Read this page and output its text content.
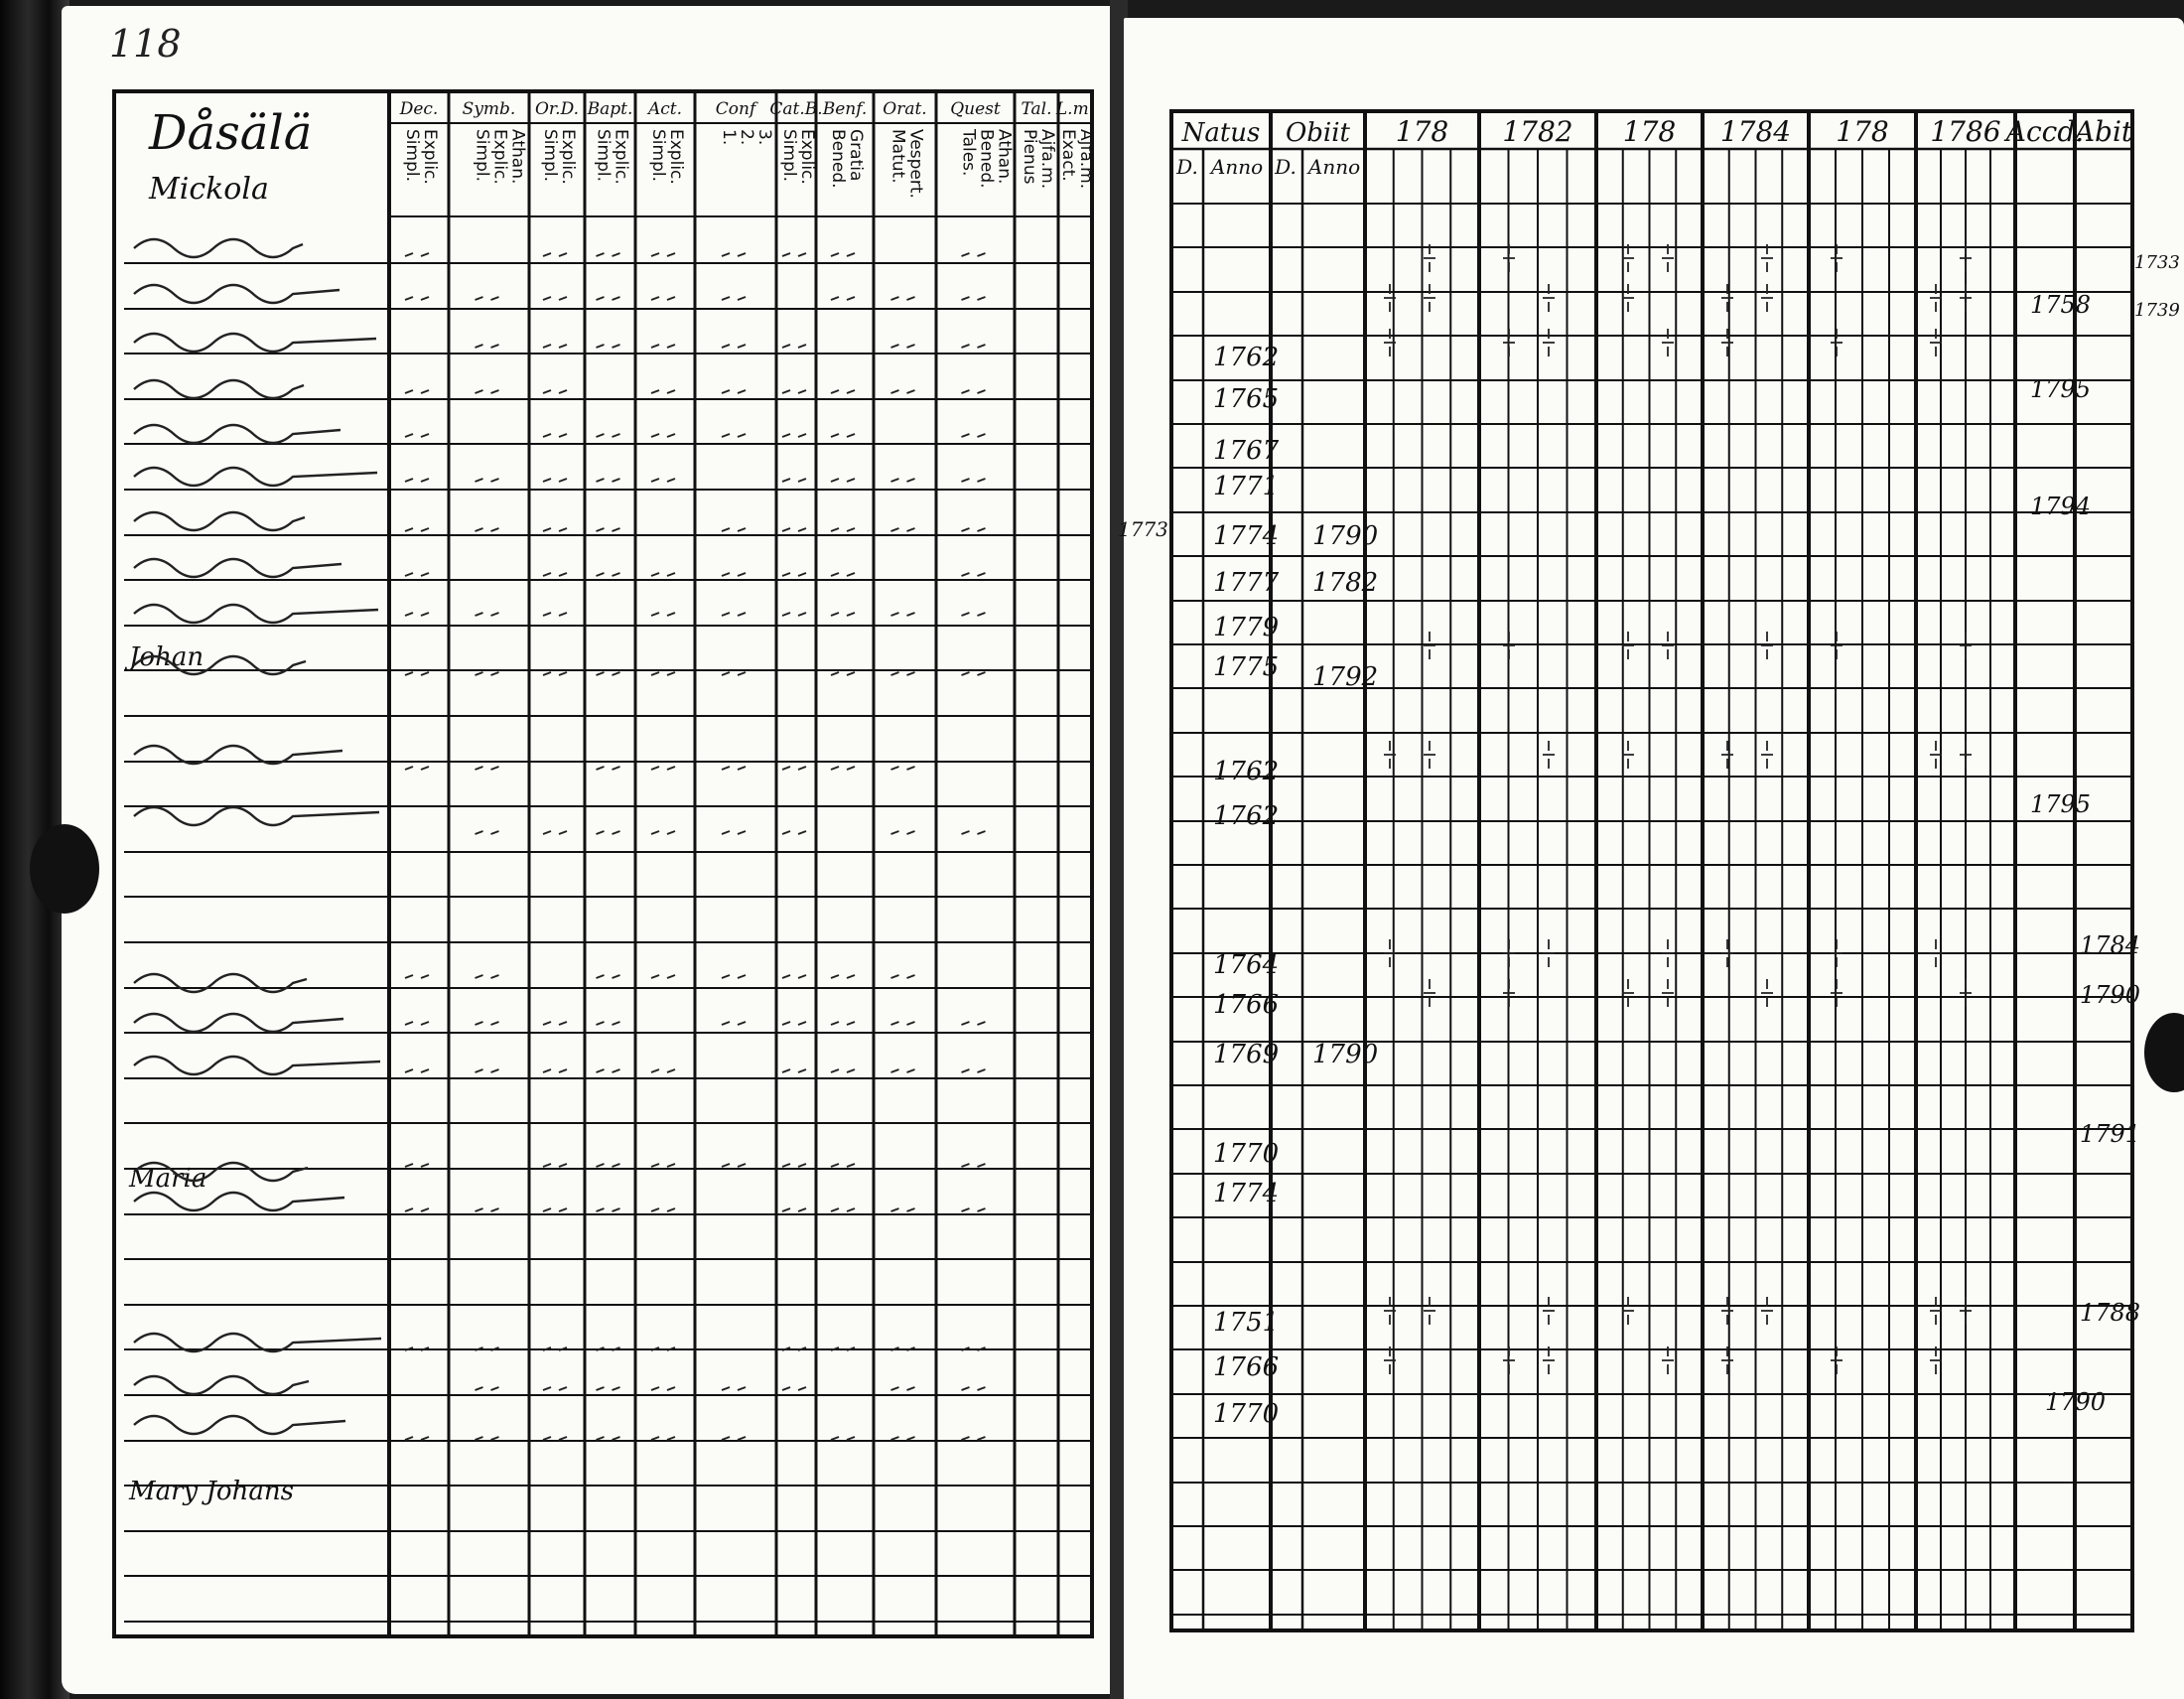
118
Dec. Symb. Or.D. Bapt. Act. Conf Cat.B. Benf. Orat. Quest Tal. L.m.
Simpl.
Explic. Simpl.
Explic.
Athan. Simpl.
Explic. Simpl.
Explic. Simpl.
Explic. 1.
2.
3. Simpl.
Explic. Bened.
Gratia Matut.
Vespert. Tales.
Bened.
Athan. Pienus
Ajfa.m. Exact.
Ajfa.m.
Dåsälä
Mickola
Johan
Maria
Mary Johans
Natus Obiit 178 1782 178 1784 178 1786 Accd.
Abit
D. Anno D. Anno
1762
1765
1767
1771
1774
1777
1779
1775
1762
1762
1764
1766
1769
1770
1774
1751
1766
1770
1790
1782
1792
1790
1758
1795
1794
1795
1784
1790
1791
1788
1790
1733
1739
1773
